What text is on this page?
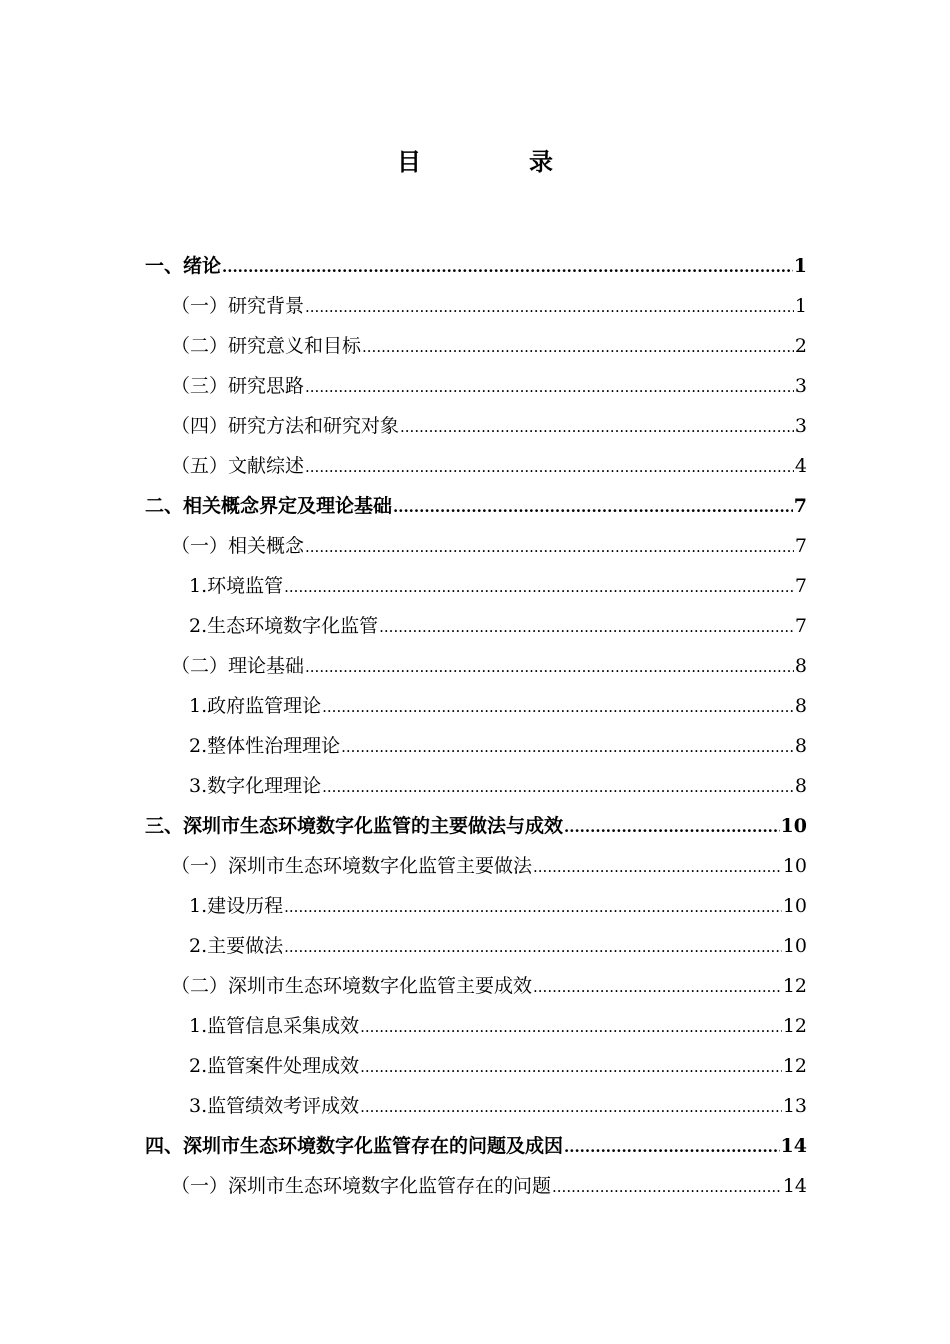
目　录
一、绪论 .....	1
（一）研究背景 .....	1
（二）研究意义和目标 .....	2
（三）研究思路 .....	3
（四）研究方法和研究对象 .....	3
（五）文献综述 .....	4
二、相关概念界定及理论基础 .....	7
（一）相关概念 .....	7
1.环境监管 .....	7
2.生态环境数字化监管 .....	7
（二）理论基础 .....	8
1.政府监管理论 .....	8
2.整体性治理理论 .....	8
3.数字化理理论 .....	8
三、深圳市生态环境数字化监管的主要做法与成效 .....	10
（一）深圳市生态环境数字化监管主要做法 .....	10
1.建设历程 .....	10
2.主要做法 .....	10
（二）深圳市生态环境数字化监管主要成效 .....	12
1.监管信息采集成效 .....	12
2.监管案件处理成效 .....	12
3.监管绩效考评成效 .....	13
四、深圳市生态环境数字化监管存在的问题及成因 .....	14
（一）深圳市生态环境数字化监管存在的问题 .....	14
